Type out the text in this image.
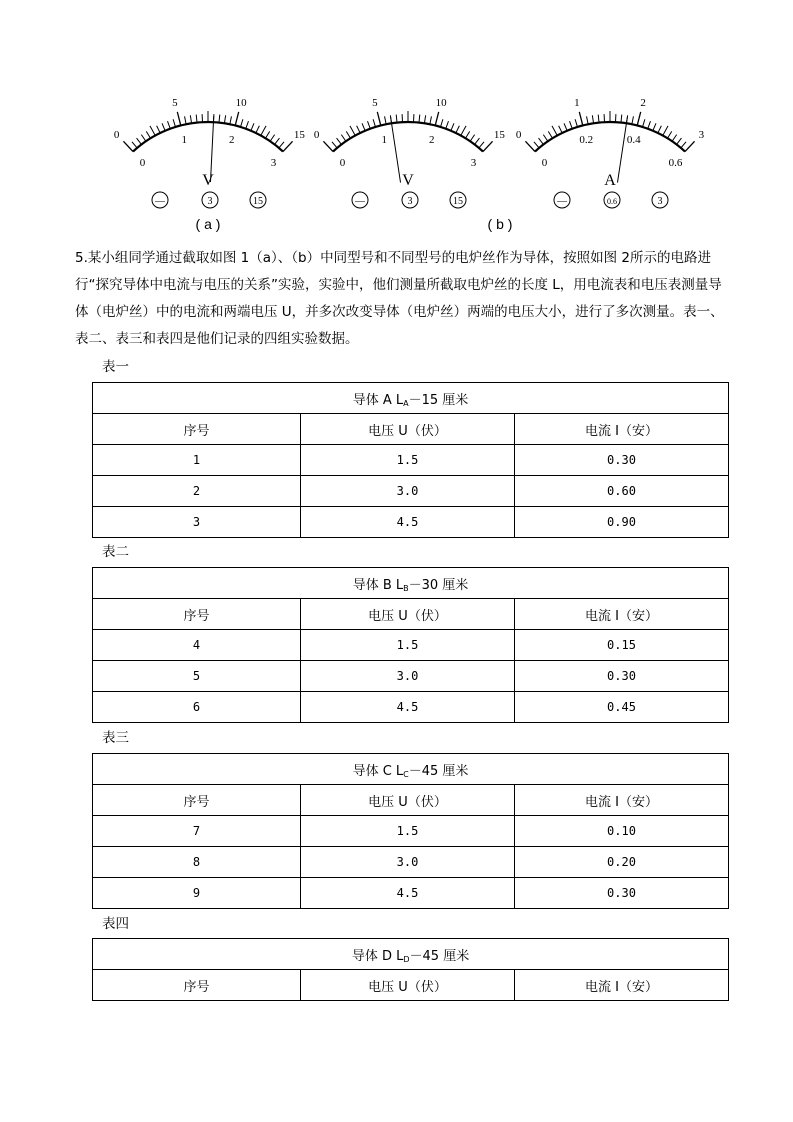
0
0
5
1
10
2	15
3
V
—	3	15
( a )
0
0
5
1
10
2	15
3
V
—	3	15
( b )
0
0
1
0.2
2
0.4	3
0.6
A
—	0.6	3

5.某小组同学通过截取如图 1（a）、（b）中同型号和不同型号的电炉丝作为导体，按照如图 2所示的电路进行“探究导体中电流与电压的关系”实验，实验中，他们测量所截取电炉丝的长度 L，用电流表和电压表测量导体（电炉丝）中的电流和两端电压 U，并多次改变导体（电炉丝）两端的电压大小，进行了多次测量。表一、表二、表三和表四是他们记录的四组实验数据。

表一
导体 A $L_A-15$ 厘米		
序号	电压 U（伏）	电流 I（安）
1	1.5	0.30
2	3.0	0.60
3	4.5	0.90
表二
导体 B $L_B-30$ 厘米		
序号	电压 U（伏）	电流 I（安）
4	1.5	0.15
5	3.0	0.30
6	4.5	0.45
表三
导体 C $L_C-45$ 厘米		
序号	电压 U（伏）	电流 I（安）
7	1.5	0.10
8	3.0	0.20
9	4.5	0.30
表四
导体 D $L_D-45$ 厘米
序号	电压 U（伏）	电流 I（安）
